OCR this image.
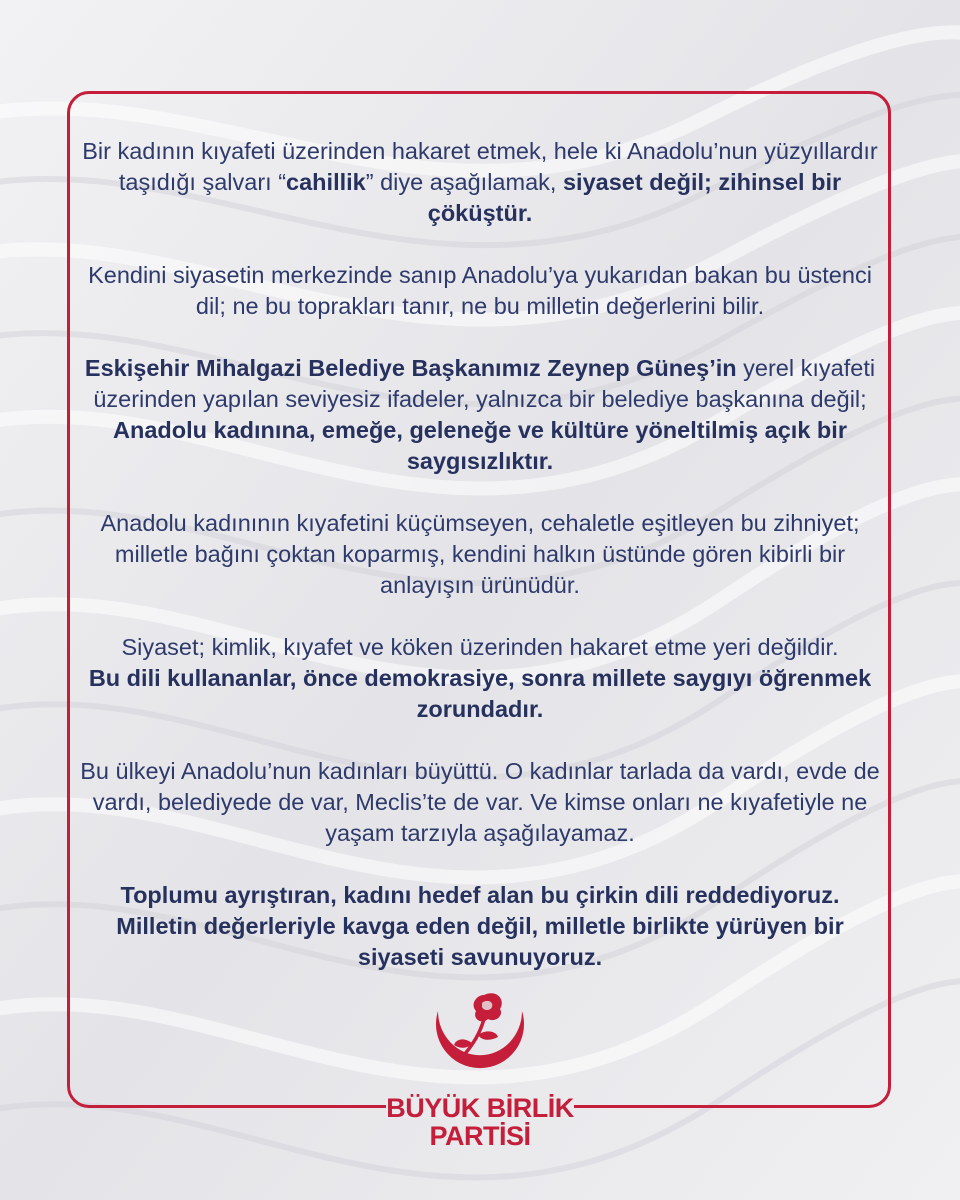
Bir kadının kıyafeti üzerinden hakaret etmek, hele ki Anadolu’nun yüzyıllardır taşıdığı şalvarı “cahillik” diye aşağılamak, siyaset değil; zihinsel bir çöküştür.

Kendini siyasetin merkezinde sanıp Anadolu’ya yukarıdan bakan bu üstenci dil; ne bu toprakları tanır, ne bu milletin değerlerini bilir.

Eskişehir Mihalgazi Belediye Başkanımız Zeynep Güneş’in yerel kıyafeti üzerinden yapılan seviyesiz ifadeler, yalnızca bir belediye başkanına değil; Anadolu kadınına, emeğe, geleneğe ve kültüre yöneltilmiş açık bir saygısızlıktır.

Anadolu kadınının kıyafetini küçümseyen, cehaletle eşitleyen bu zihniyet; milletle bağını çoktan koparmış, kendini halkın üstünde gören kibirli bir anlayışın ürünüdür.

Siyaset; kimlik, kıyafet ve köken üzerinden hakaret etme yeri değildir.
Bu dili kullananlar, önce demokrasiye, sonra millete saygıyı öğrenmek zorundadır.

Bu ülkeyi Anadolu’nun kadınları büyüttü. O kadınlar tarlada da vardı, evde de vardı, belediyede de var, Meclis’te de var. Ve kimse onları ne kıyafetiyle ne yaşam tarzıyla aşağılayamaz.

Toplumu ayrıştıran, kadını hedef alan bu çirkin dili reddediyoruz.
Milletin değerleriyle kavga eden değil, milletle birlikte yürüyen bir siyaseti savunuyoruz.

BÜYÜK BİRLİK
PARTİSİ
